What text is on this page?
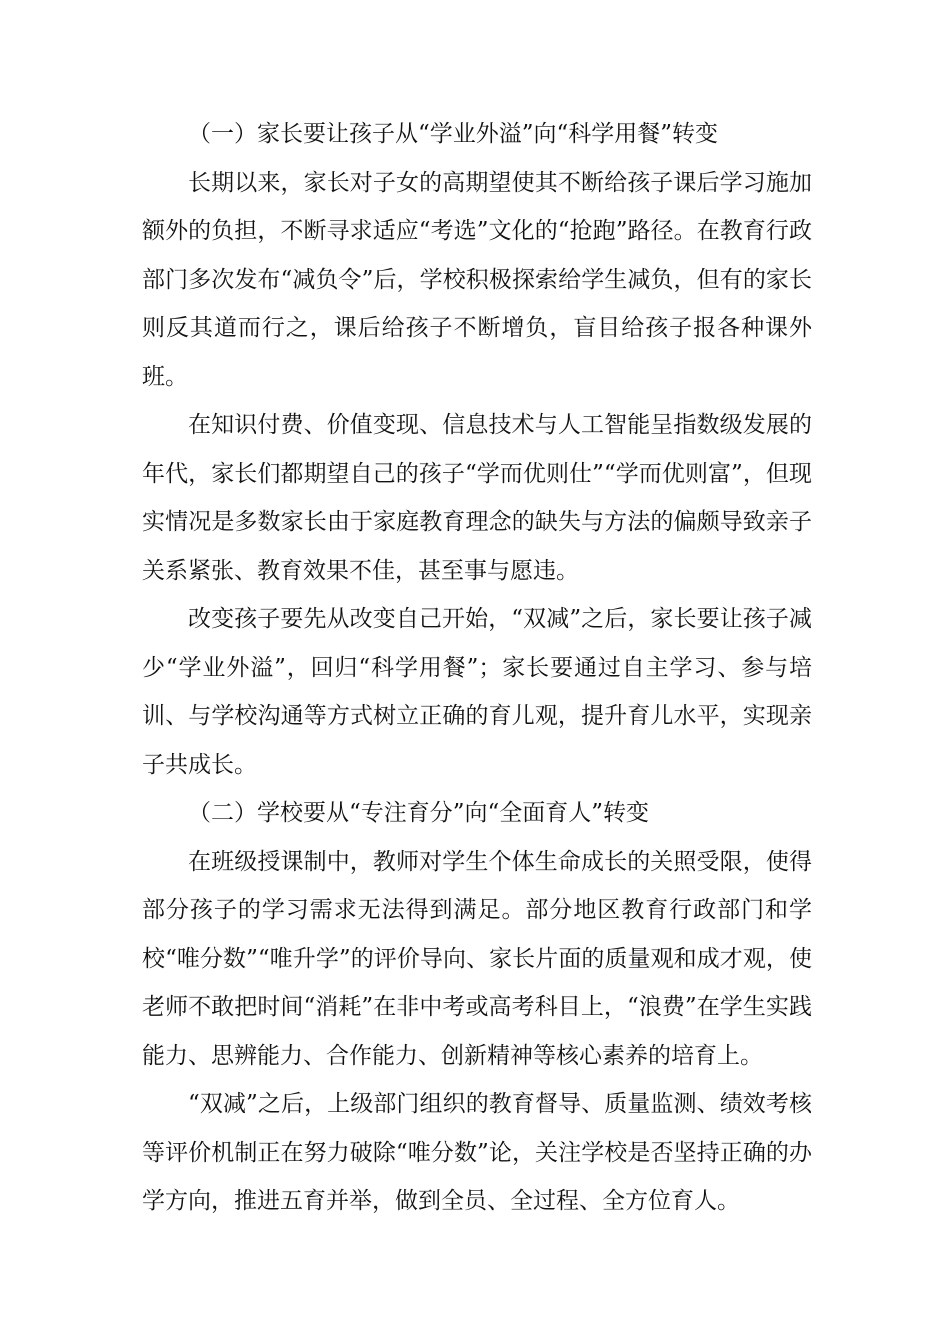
（一）家长要让孩子从“学业外溢”向“科学用餐”转变

长期以来，家长对子女的高期望使其不断给孩子课后学习施加额外的负担，不断寻求适应“考选”文化的“抢跑”路径。在教育行政部门多次发布“减负令”后，学校积极探索给学生减负，但有的家长则反其道而行之，课后给孩子不断增负，盲目给孩子报各种课外班。

在知识付费、价值变现、信息技术与人工智能呈指数级发展的年代，家长们都期望自己的孩子“学而优则仕”“学而优则富”，但现实情况是多数家长由于家庭教育理念的缺失与方法的偏颇导致亲子关系紧张、教育效果不佳，甚至事与愿违。

改变孩子要先从改变自己开始，“双减”之后，家长要让孩子减少“学业外溢”，回归“科学用餐”；家长要通过自主学习、参与培训、与学校沟通等方式树立正确的育儿观，提升育儿水平，实现亲子共成长。

（二）学校要从“专注育分”向“全面育人”转变

在班级授课制中，教师对学生个体生命成长的关照受限，使得部分孩子的学习需求无法得到满足。部分地区教育行政部门和学校“唯分数”“唯升学”的评价导向、家长片面的质量观和成才观，使老师不敢把时间“消耗”在非中考或高考科目上，“浪费”在学生实践能力、思辨能力、合作能力、创新精神等核心素养的培育上。

“双减”之后，上级部门组织的教育督导、质量监测、绩效考核等评价机制正在努力破除“唯分数”论，关注学校是否坚持正确的办学方向，推进五育并举，做到全员、全过程、全方位育人。
